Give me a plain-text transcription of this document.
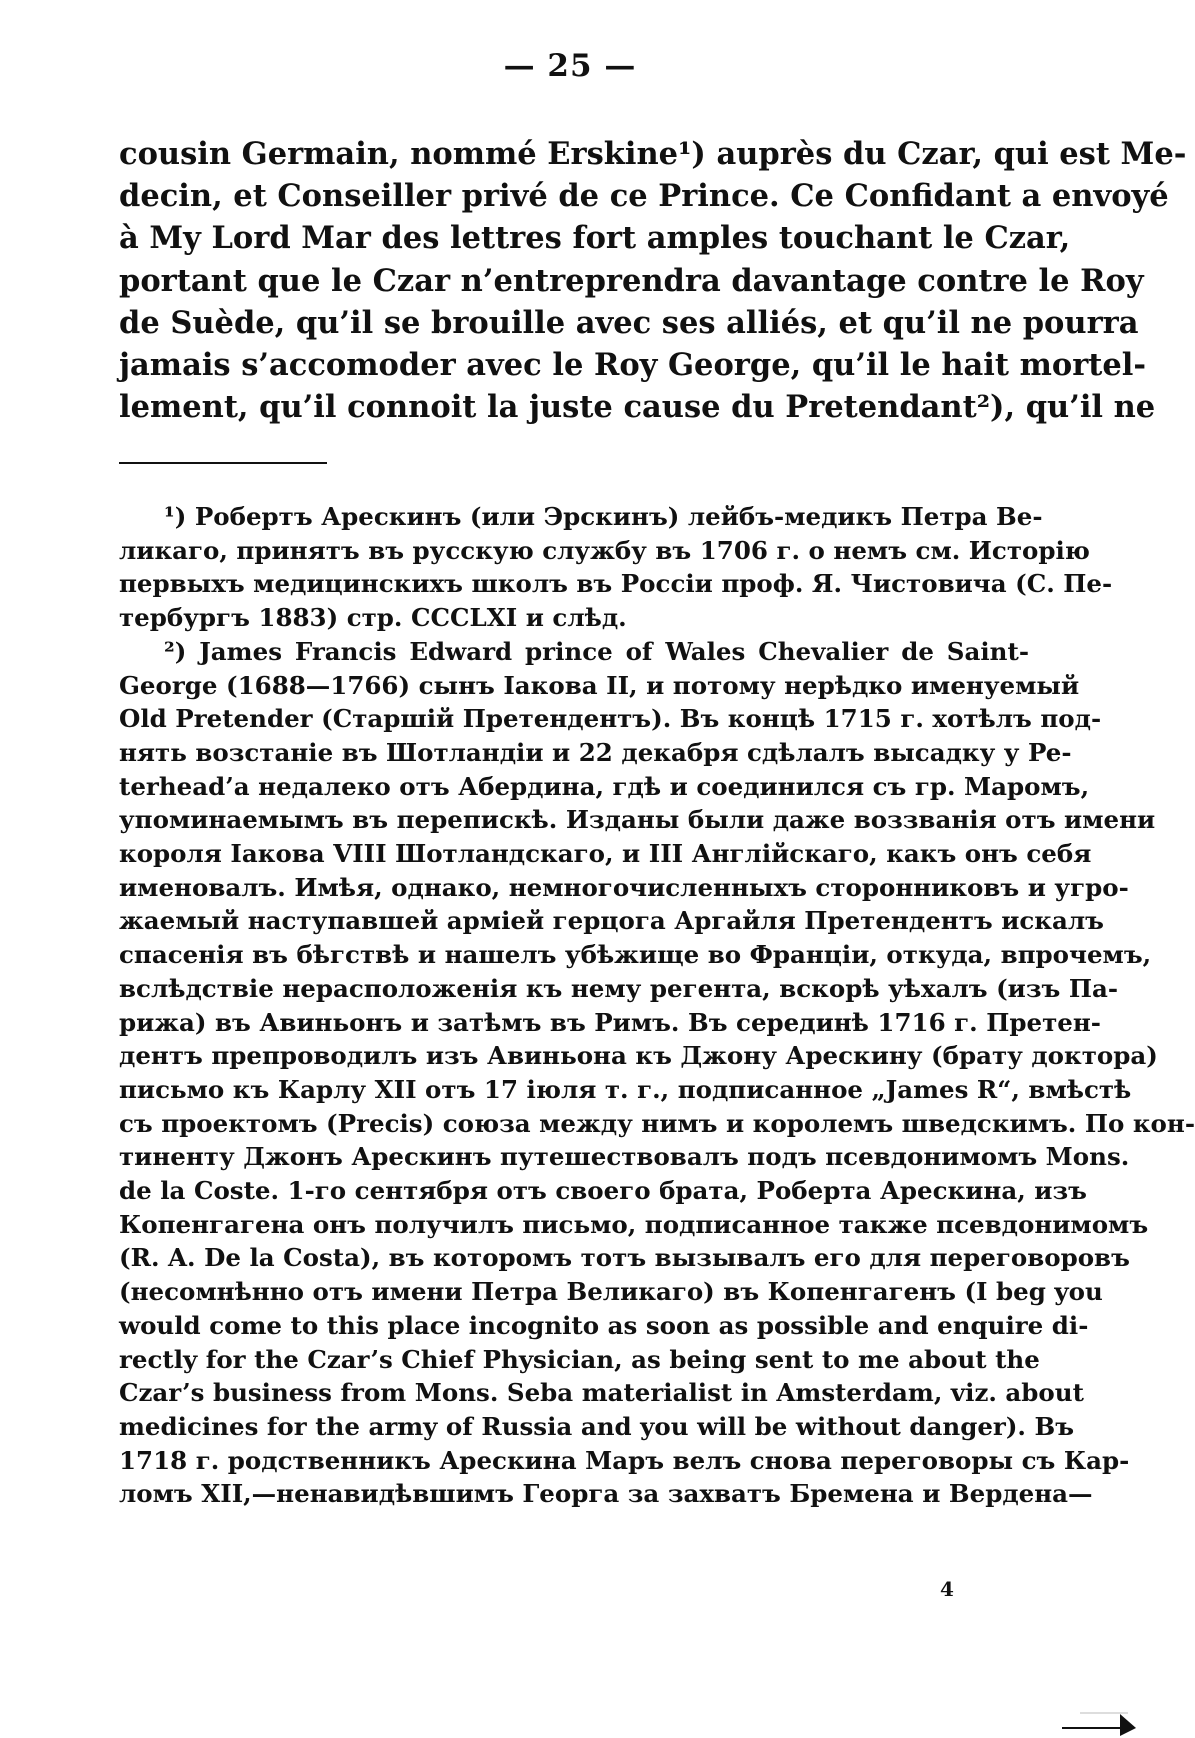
— 25 —
cousin Germain, nommé Erskine¹) auprès du Czar, qui est Me-
decin, et Conseiller privé de ce Prince. Ce Confidant a envoyé
à My Lord Mar des lettres fort amples touchant le Czar,
portant que le Czar n’entreprendra davantage contre le Roy
de Suède, qu’il se brouille avec ses alliés, et qu’il ne pourra
jamais s’accomoder avec le Roy George, qu’il le hait mortel-
lement, qu’il connoit la juste cause du Pretendant²), qu’il ne
¹) Робертъ Арескинъ (или Эрскинъ) лейбъ-медикъ Петра Ве-
ликаго, принятъ въ русскую службу въ 1706 г. о немъ см. Исторію
первыхъ медицинскихъ школъ въ Россіи проф. Я. Чистовича (С. Пе-
тербургъ 1883) стр. CCCLXI и слѣд.
²) James Francis Edward prince of Wales Chevalier de Saint-
George (1688—1766) сынъ Іакова II, и потому нерѣдко именуемый
Old Pretender (Старшій Претендентъ). Въ концѣ 1715 г. хотѣлъ под-
нять возстаніе въ Шотландіи и 22 декабря сдѣлалъ высадку у Pe-
terhead’a недалеко отъ Абердина, гдѣ и соединился съ гр. Маромъ,
упоминаемымъ въ перепискѣ. Изданы были даже воззванія отъ имени
короля Іакова VIII Шотландскаго, и III Англійскаго, какъ онъ себя
именовалъ. Имѣя, однако, немногочисленныхъ сторонниковъ и угро-
жаемый наступавшей арміей герцога Аргайля Претендентъ искалъ
спасенія въ бѣгствѣ и нашелъ убѣжище во Франціи, откуда, впрочемъ,
вслѣдствіе нерасположенія къ нему регента, вскорѣ уѣхалъ (изъ Па-
рижа) въ Авиньонъ и затѣмъ въ Римъ. Въ серединѣ 1716 г. Претен-
дентъ препроводилъ изъ Авиньона къ Джону Арескину (брату доктора)
письмо къ Карлу XII отъ 17 іюля т. г., подписанное „James R“, вмѣстѣ
съ проектомъ (Precis) союза между нимъ и королемъ шведскимъ. По кон-
тиненту Джонъ Арескинъ путешествовалъ подъ псевдонимомъ Mons.
de la Coste. 1-го сентября отъ своего брата, Роберта Арескина, изъ
Копенгагена онъ получилъ письмо, подписанное также псевдонимомъ
(R. A. De la Costa), въ которомъ тотъ вызывалъ его для переговоровъ
(несомнѣнно отъ имени Петра Великаго) въ Копенгагенъ (I beg you
would come to this place incognito as soon as possible and enquire di-
rectly for the Czar’s Chief Physician, as being sent to me about the
Czar’s business from Mons. Seba materialist in Amsterdam, viz. about
medicines for the army of Russia and you will be without danger). Въ
1718 г. родственникъ Арескина Маръ велъ снова переговоры съ Кар-
ломъ XII,—ненавидѣвшимъ Георга за захватъ Бремена и Вердена—
4
